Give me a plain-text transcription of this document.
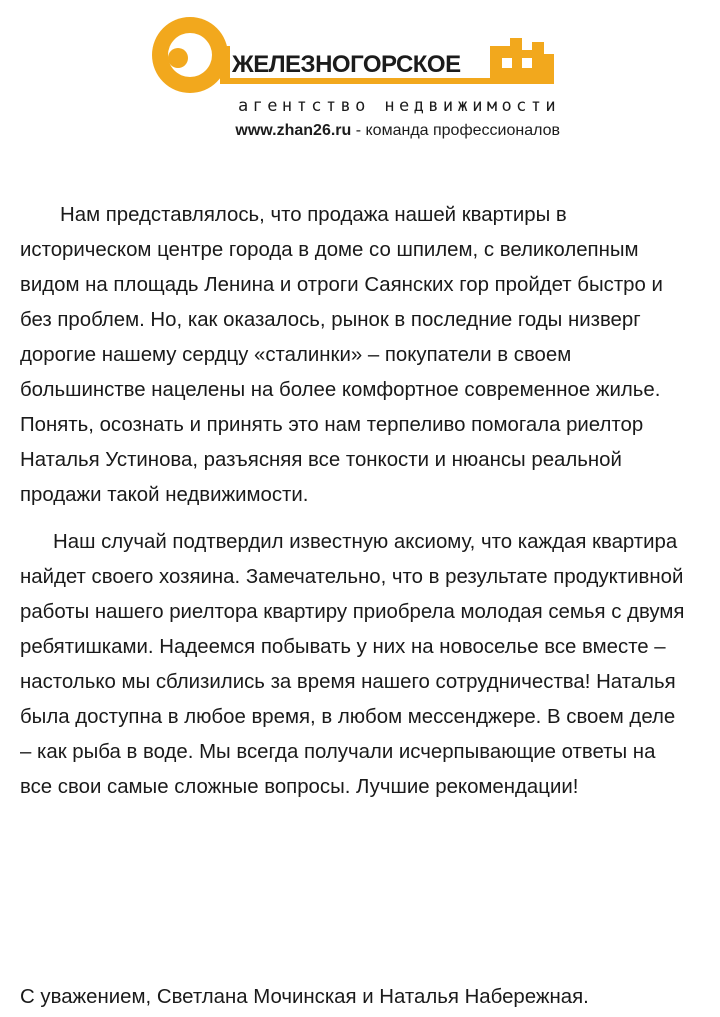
ЖЕЛЕЗНОГОРСКОЕ
агентство недвижимости
www.zhan26.ru - команда профессионалов

Нам представлялось, что продажа нашей квартиры в историческом центре города в доме со шпилем, с великолепным видом на площадь Ленина и отроги Саянских гор пройдет быстро и без проблем. Но, как оказалось, рынок в последние годы низверг дорогие нашему сердцу «сталинки» – покупатели в своем большинстве нацелены на более комфортное современное жилье. Понять, осознать и принять это нам терпеливо помогала риелтор Наталья Устинова, разъясняя все тонкости и нюансы реальной продажи такой недвижимости.

Наш случай подтвердил известную аксиому, что каждая квартира найдет своего хозяина. Замечательно, что в результате продуктивной работы нашего риелтора квартиру приобрела молодая семья с двумя ребятишками. Надеемся побывать у них на новоселье все вместе – настолько мы сблизились за время нашего сотрудничества! Наталья была доступна в любое время, в любом мессенджере. В своем деле – как рыба в воде. Мы всегда получали исчерпывающие ответы на все свои самые сложные вопросы. Лучшие рекомендации!

С уважением, Светлана Мочинская и Наталья Набережная.
